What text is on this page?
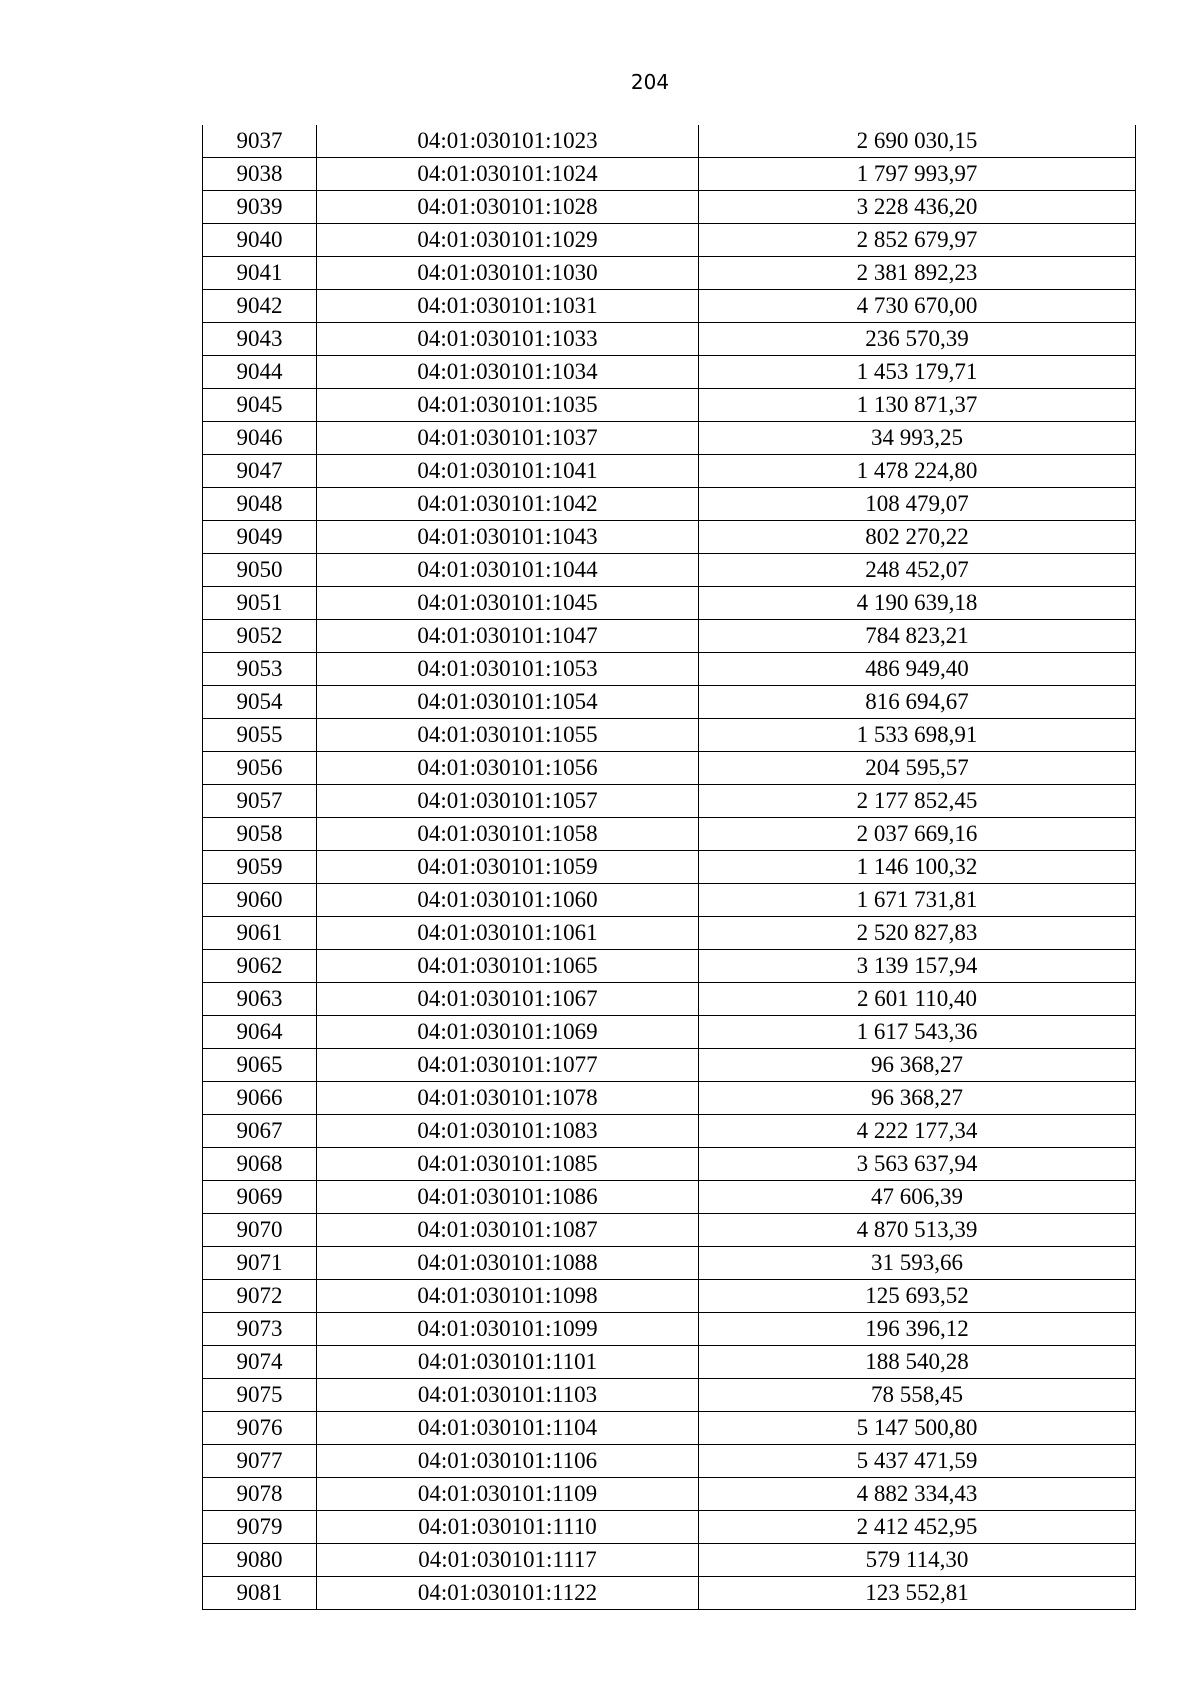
204
9037	04:01:030101:1023	2 690 030,15
9038	04:01:030101:1024	1 797 993,97
9039	04:01:030101:1028	3 228 436,20
9040	04:01:030101:1029	2 852 679,97
9041	04:01:030101:1030	2 381 892,23
9042	04:01:030101:1031	4 730 670,00
9043	04:01:030101:1033	236 570,39
9044	04:01:030101:1034	1 453 179,71
9045	04:01:030101:1035	1 130 871,37
9046	04:01:030101:1037	34 993,25
9047	04:01:030101:1041	1 478 224,80
9048	04:01:030101:1042	108 479,07
9049	04:01:030101:1043	802 270,22
9050	04:01:030101:1044	248 452,07
9051	04:01:030101:1045	4 190 639,18
9052	04:01:030101:1047	784 823,21
9053	04:01:030101:1053	486 949,40
9054	04:01:030101:1054	816 694,67
9055	04:01:030101:1055	1 533 698,91
9056	04:01:030101:1056	204 595,57
9057	04:01:030101:1057	2 177 852,45
9058	04:01:030101:1058	2 037 669,16
9059	04:01:030101:1059	1 146 100,32
9060	04:01:030101:1060	1 671 731,81
9061	04:01:030101:1061	2 520 827,83
9062	04:01:030101:1065	3 139 157,94
9063	04:01:030101:1067	2 601 110,40
9064	04:01:030101:1069	1 617 543,36
9065	04:01:030101:1077	96 368,27
9066	04:01:030101:1078	96 368,27
9067	04:01:030101:1083	4 222 177,34
9068	04:01:030101:1085	3 563 637,94
9069	04:01:030101:1086	47 606,39
9070	04:01:030101:1087	4 870 513,39
9071	04:01:030101:1088	31 593,66
9072	04:01:030101:1098	125 693,52
9073	04:01:030101:1099	196 396,12
9074	04:01:030101:1101	188 540,28
9075	04:01:030101:1103	78 558,45
9076	04:01:030101:1104	5 147 500,80
9077	04:01:030101:1106	5 437 471,59
9078	04:01:030101:1109	4 882 334,43
9079	04:01:030101:1110	2 412 452,95
9080	04:01:030101:1117	579 114,30
9081	04:01:030101:1122	123 552,81
